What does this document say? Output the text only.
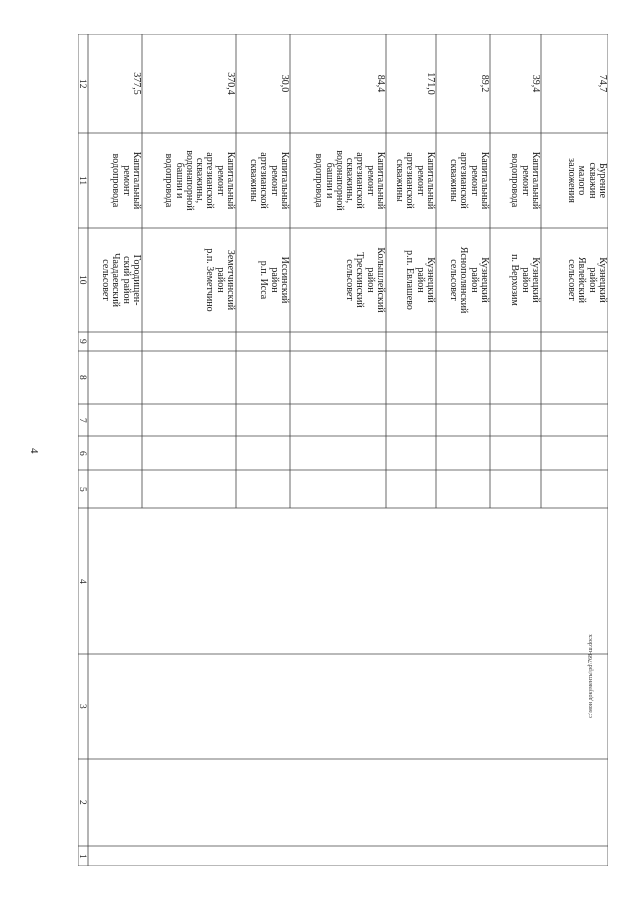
4
c:\мои документы\pd\768-ш.docx
12
11
10
9
8
7
6
5
4
3
2
1
377,5
Капитальный
ремонт
водопровода
Городищен-
ский район
Чаадаевский
сельсовет
370,4
Капитальный
ремонт
артезианской
скважины,
водонапорной
башни и
водопровода
Земетчинский
район
р.п. Земетчино
30,0
Капитальный
ремонт
артезианской
скважины
Иссинский
район
р.п. Исса
84,4
Капитальный
ремонт
артезианской
скважины,
водонапорной
башни и
водопровода
Колышлейский
район
Трескинский
сельсовет
171,0
Капитальный
ремонт
артезианской
скважины
Кузнецкий
район
р.п. Евлашево
89,2
Капитальный
ремонт
артезианской
скважины
Кузнецкий
район
Яснополянский
сельсовет
39,4
Капитальный
ремонт
водопровода
Кузнецкий
район
п. Верхозим
74,7
Бурение
скважин
малого
заложения
Кузнецкий
район
Явлейский
сельсовет
